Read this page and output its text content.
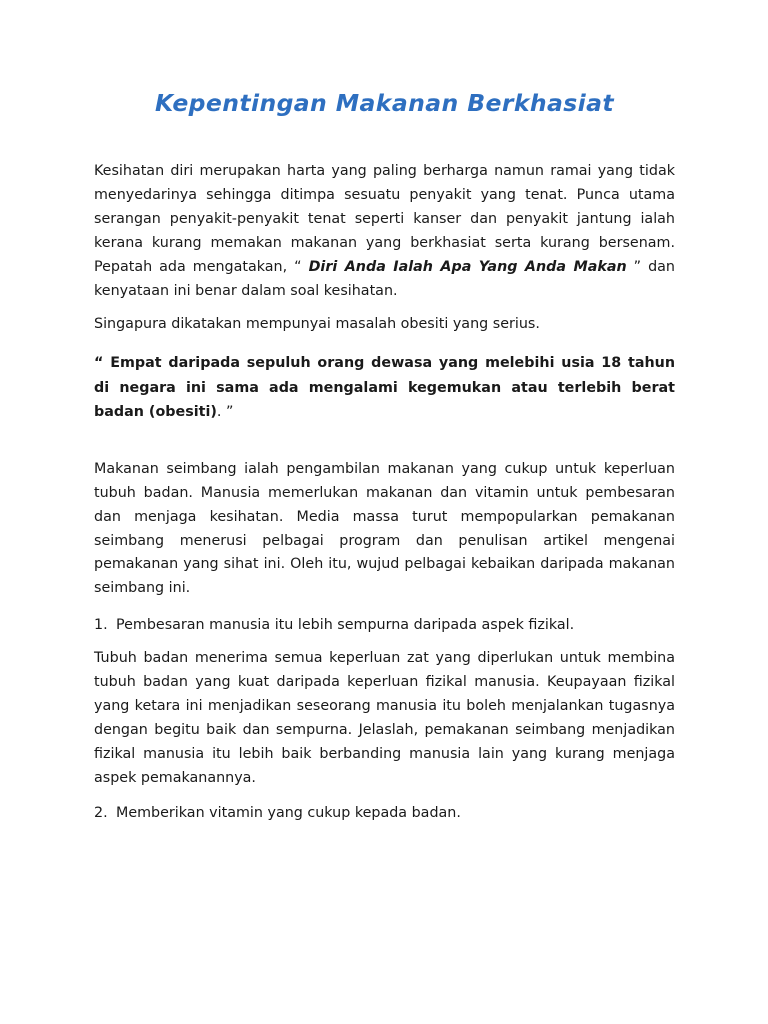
Kepentingan Makanan Berkhasiat

Kesihatan diri merupakan harta yang paling berharga namun ramai yang tidak menyedarinya sehingga ditimpa sesuatu penyakit yang tenat. Punca utama serangan penyakit-penyakit tenat seperti kanser dan penyakit jantung ialah kerana kurang memakan makanan yang berkhasiat serta kurang bersenam. Pepatah ada mengatakan, “ Diri Anda Ialah Apa Yang Anda Makan ” dan kenyataan ini benar dalam soal kesihatan.

Singapura dikatakan mempunyai masalah obesiti yang serius.

“ Empat daripada sepuluh orang dewasa yang melebihi usia 18 tahun di negara ini sama ada mengalami kegemukan atau terlebih berat badan (obesiti). ”

Makanan seimbang ialah pengambilan makanan yang cukup untuk keperluan tubuh badan. Manusia memerlukan makanan dan vitamin untuk pembesaran dan menjaga kesihatan. Media massa turut mempopularkan pemakanan seimbang menerusi pelbagai program dan penulisan artikel mengenai pemakanan yang sihat ini. Oleh itu, wujud pelbagai kebaikan daripada makanan seimbang ini.

1. Pembesaran manusia itu lebih sempurna daripada aspek fizikal.

Tubuh badan menerima semua keperluan zat yang diperlukan untuk membina tubuh badan yang kuat daripada keperluan fizikal manusia. Keupayaan fizikal yang ketara ini menjadikan seseorang manusia itu boleh menjalankan tugasnya dengan begitu baik dan sempurna. Jelaslah, pemakanan seimbang menjadikan fizikal manusia itu lebih baik berbanding manusia lain yang kurang menjaga aspek pemakanannya.

2. Memberikan vitamin yang cukup kepada badan.
